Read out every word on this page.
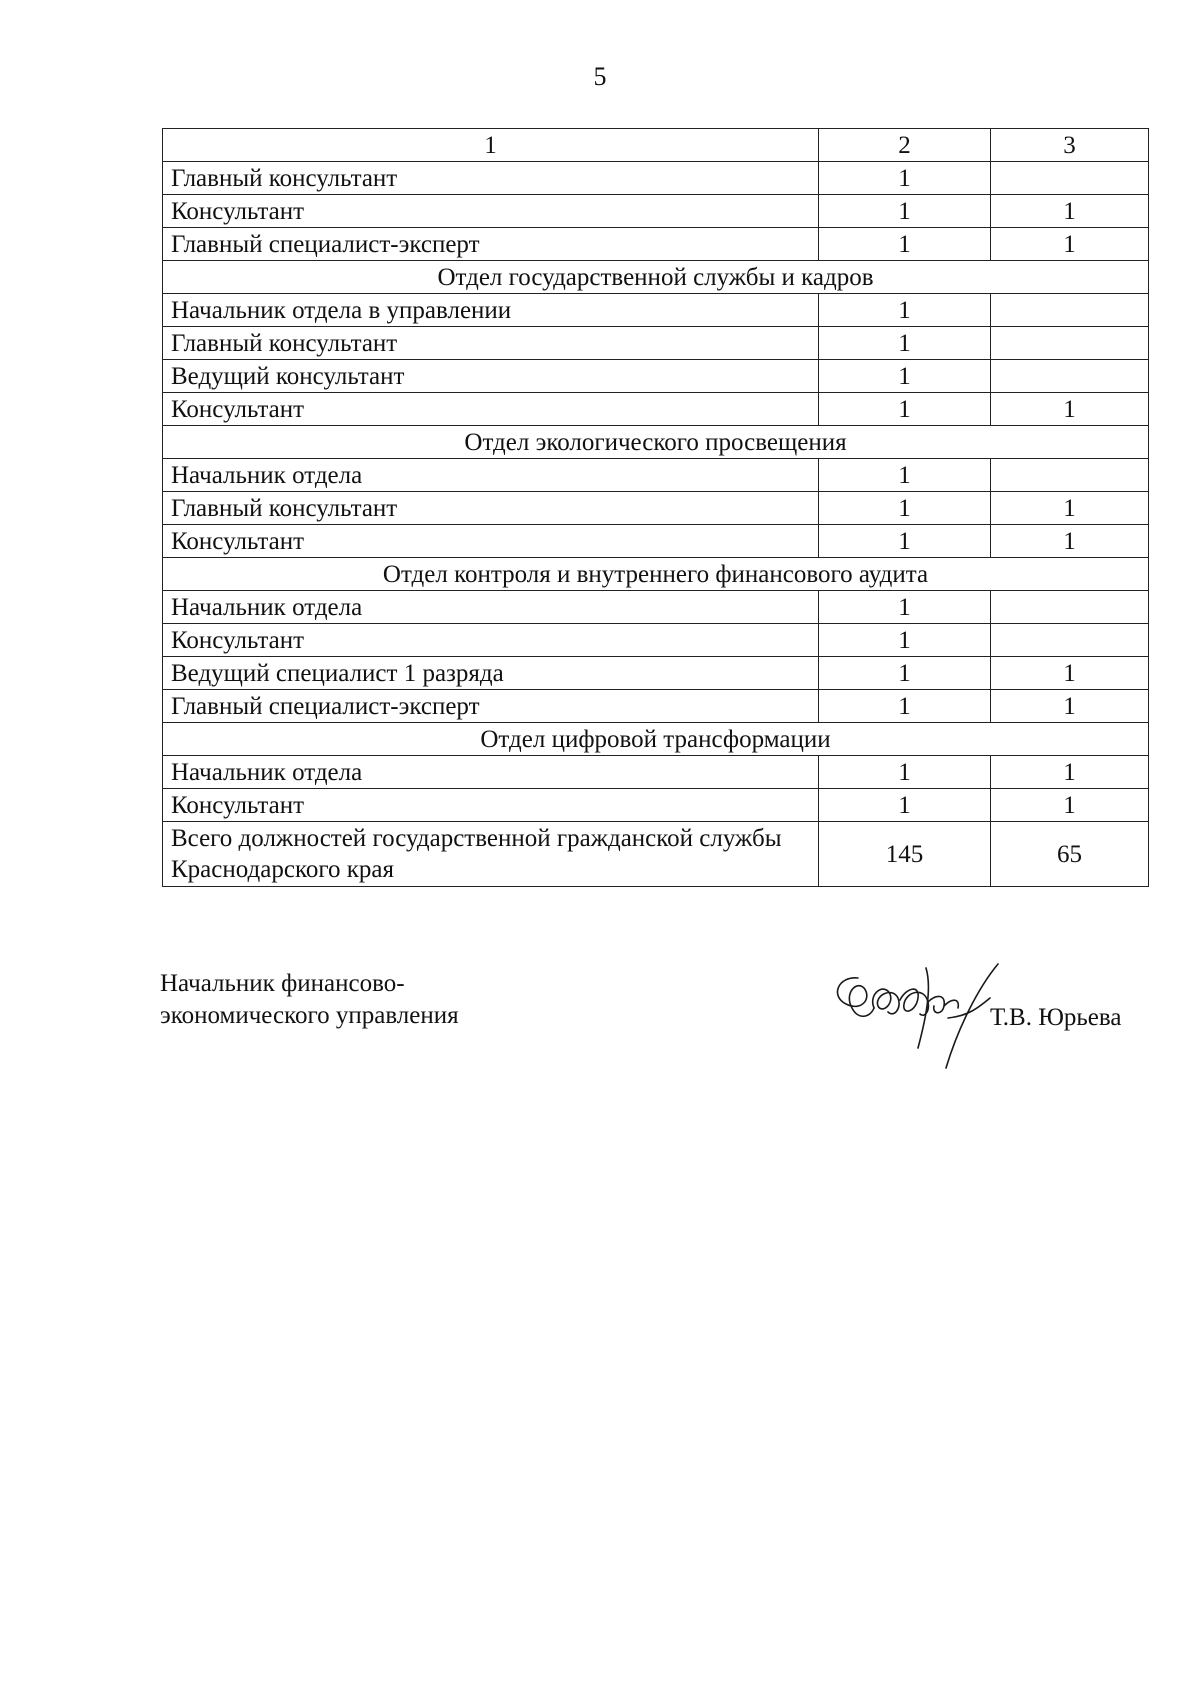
5
1	2	3
Главный консультант	1	
Консультант	1	1
Главный специалист-эксперт	1	1
Отдел государственной службы и кадров		
Начальник отдела в управлении	1	
Главный консультант	1	
Ведущий консультант	1	
Консультант	1	1
Отдел экологического просвещения		
Начальник отдела	1	
Главный консультант	1	1
Консультант	1	1
Отдел контроля и внутреннего финансового аудита		
Начальник отдела	1	
Консультант	1	
Ведущий специалист 1 разряда	1	1
Главный специалист-эксперт	1	1
Отдел цифровой трансформации		
Начальник отдела	1	1
Консультант	1	1
Всего должностей государственной гражданской службы Краснодарского края	145	65
Начальник финансово-
экономического управления	Т.В. Юрьева
